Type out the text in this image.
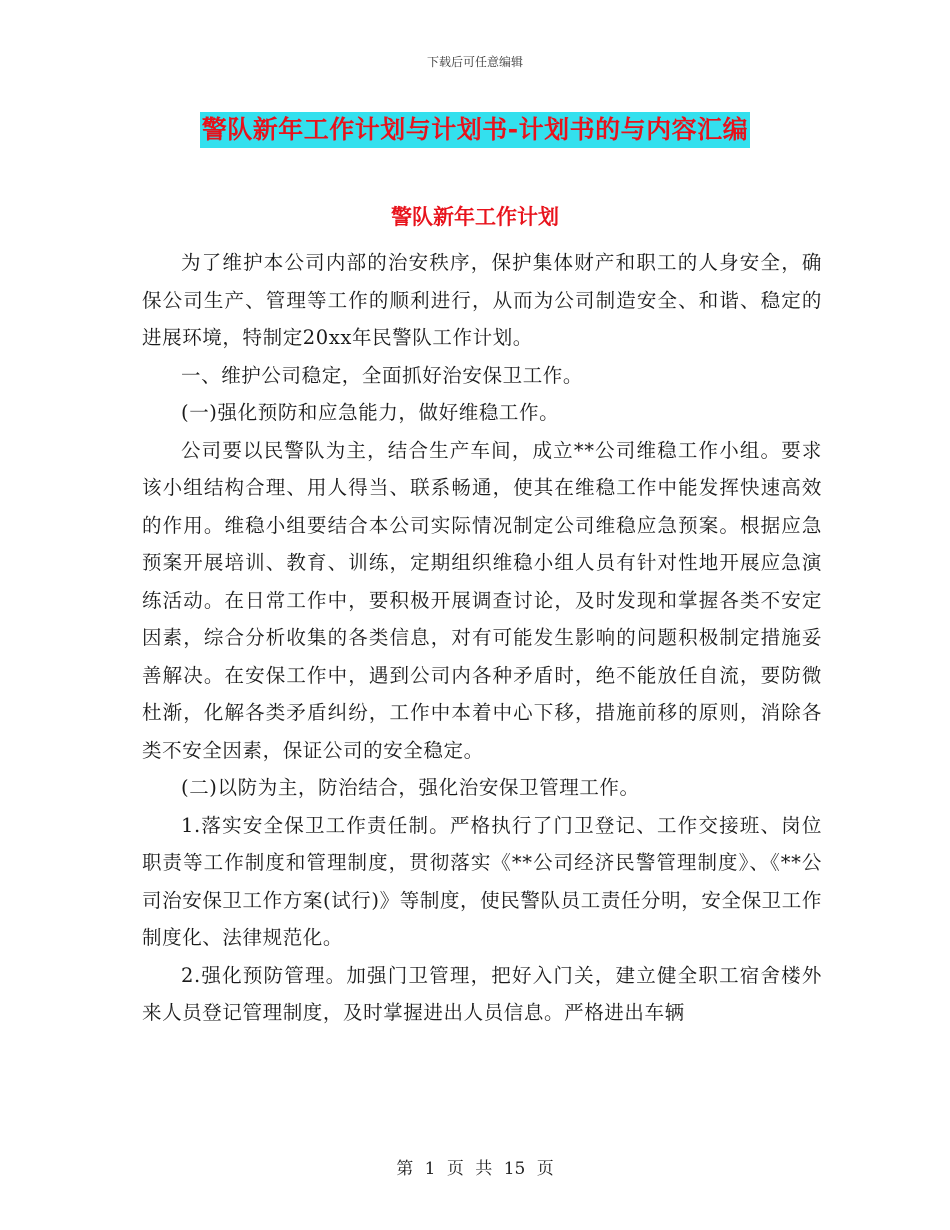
下载后可任意编辑
警队新年工作计划与计划书-计划书的与内容汇编
警队新年工作计划

为了维护本公司内部的治安秩序，保护集体财产和职工的人身安全，确保公司生产、管理等工作的顺利进行，从而为公司制造安全、和谐、稳定的进展环境，特制定20xx年民警队工作计划。

一、维护公司稳定，全面抓好治安保卫工作。

(一)强化预防和应急能力，做好维稳工作。

公司要以民警队为主，结合生产车间，成立**公司维稳工作小组。要求该小组结构合理、用人得当、联系畅通，使其在维稳工作中能发挥快速高效的作用。维稳小组要结合本公司实际情况制定公司维稳应急预案。根据应急预案开展培训、教育、训练，定期组织维稳小组人员有针对性地开展应急演练活动。在日常工作中，要积极开展调查讨论，及时发现和掌握各类不安定因素，综合分析收集的各类信息，对有可能发生影响的问题积极制定措施妥善解决。在安保工作中，遇到公司内各种矛盾时，绝不能放任自流，要防微杜渐，化解各类矛盾纠纷，工作中本着中心下移，措施前移的原则，消除各类不安全因素，保证公司的安全稳定。

(二)以防为主，防治结合，强化治安保卫管理工作。

1.落实安全保卫工作责任制。严格执行了门卫登记、工作交接班、岗位职责等工作制度和管理制度，贯彻落实《**公司经济民警管理制度》、《**公司治安保卫工作方案(试行)》等制度，使民警队员工责任分明，安全保卫工作制度化、法律规范化。

2.强化预防管理。加强门卫管理，把好入门关，建立健全职工宿舍楼外来人员登记管理制度，及时掌握进出人员信息。严格进出车辆

第 1 页 共 15 页
